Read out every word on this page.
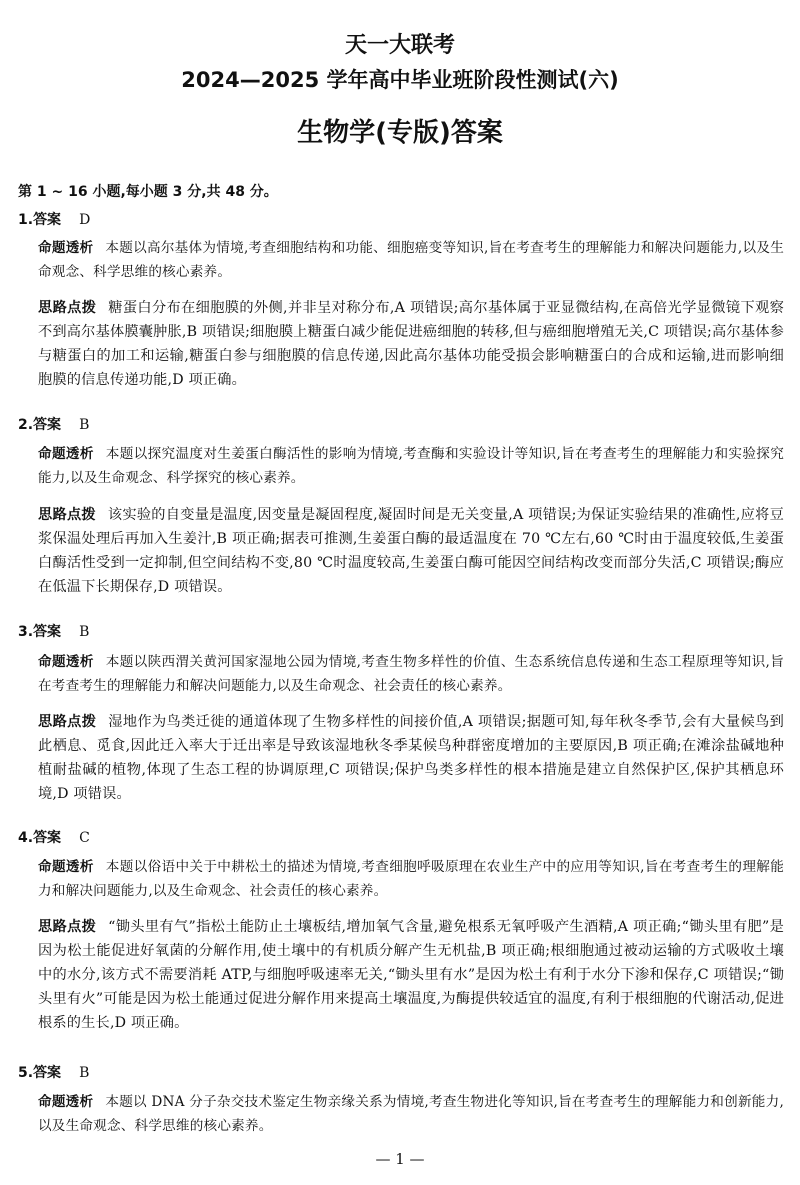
天一大联考
2024—2025 学年高中毕业班阶段性测试(六)
生物学(专版)答案
第 1 ~ 16 小题,每小题 3 分,共 48 分。
1.答案 D
命题透析 本题以高尔基体为情境,考查细胞结构和功能、细胞癌变等知识,旨在考查考生的理解能力和解决问题能力,以及生命观念、科学思维的核心素养。
思路点拨 糖蛋白分布在细胞膜的外侧,并非呈对称分布,A 项错误;高尔基体属于亚显微结构,在高倍光学显微镜下观察不到高尔基体膜囊肿胀,B 项错误;细胞膜上糖蛋白减少能促进癌细胞的转移,但与癌细胞增殖无关,C 项错误;高尔基体参与糖蛋白的加工和运输,糖蛋白参与细胞膜的信息传递,因此高尔基体功能受损会影响糖蛋白的合成和运输,进而影响细胞膜的信息传递功能,D 项正确。
2.答案 B
命题透析 本题以探究温度对生姜蛋白酶活性的影响为情境,考查酶和实验设计等知识,旨在考查考生的理解能力和实验探究能力,以及生命观念、科学探究的核心素养。
思路点拨 该实验的自变量是温度,因变量是凝固程度,凝固时间是无关变量,A 项错误;为保证实验结果的准确性,应将豆浆保温处理后再加入生姜汁,B 项正确;据表可推测,生姜蛋白酶的最适温度在 70 ℃左右,60 ℃时由于温度较低,生姜蛋白酶活性受到一定抑制,但空间结构不变,80 ℃时温度较高,生姜蛋白酶可能因空间结构改变而部分失活,C 项错误;酶应在低温下长期保存,D 项错误。
3.答案 B
命题透析 本题以陕西渭关黄河国家湿地公园为情境,考查生物多样性的价值、生态系统信息传递和生态工程原理等知识,旨在考查考生的理解能力和解决问题能力,以及生命观念、社会责任的核心素养。
思路点拨 湿地作为鸟类迁徙的通道体现了生物多样性的间接价值,A 项错误;据题可知,每年秋冬季节,会有大量候鸟到此栖息、觅食,因此迁入率大于迁出率是导致该湿地秋冬季某候鸟种群密度增加的主要原因,B 项正确;在滩涂盐碱地种植耐盐碱的植物,体现了生态工程的协调原理,C 项错误;保护鸟类多样性的根本措施是建立自然保护区,保护其栖息环境,D 项错误。
4.答案 C
命题透析 本题以俗语中关于中耕松土的描述为情境,考查细胞呼吸原理在农业生产中的应用等知识,旨在考查考生的理解能力和解决问题能力,以及生命观念、社会责任的核心素养。
思路点拨 “锄头里有气”指松土能防止土壤板结,增加氧气含量,避免根系无氧呼吸产生酒精,A 项正确;“锄头里有肥”是因为松土能促进好氧菌的分解作用,使土壤中的有机质分解产生无机盐,B 项正确;根细胞通过被动运输的方式吸收土壤中的水分,该方式不需要消耗 ATP,与细胞呼吸速率无关,“锄头里有水”是因为松土有利于水分下渗和保存,C 项错误;“锄头里有火”可能是因为松土能通过促进分解作用来提高土壤温度,为酶提供较适宜的温度,有利于根细胞的代谢活动,促进根系的生长,D 项正确。
5.答案 B
命题透析 本题以 DNA 分子杂交技术鉴定生物亲缘关系为情境,考查生物进化等知识,旨在考查考生的理解能力和创新能力,以及生命观念、科学思维的核心素养。
— 1 —
